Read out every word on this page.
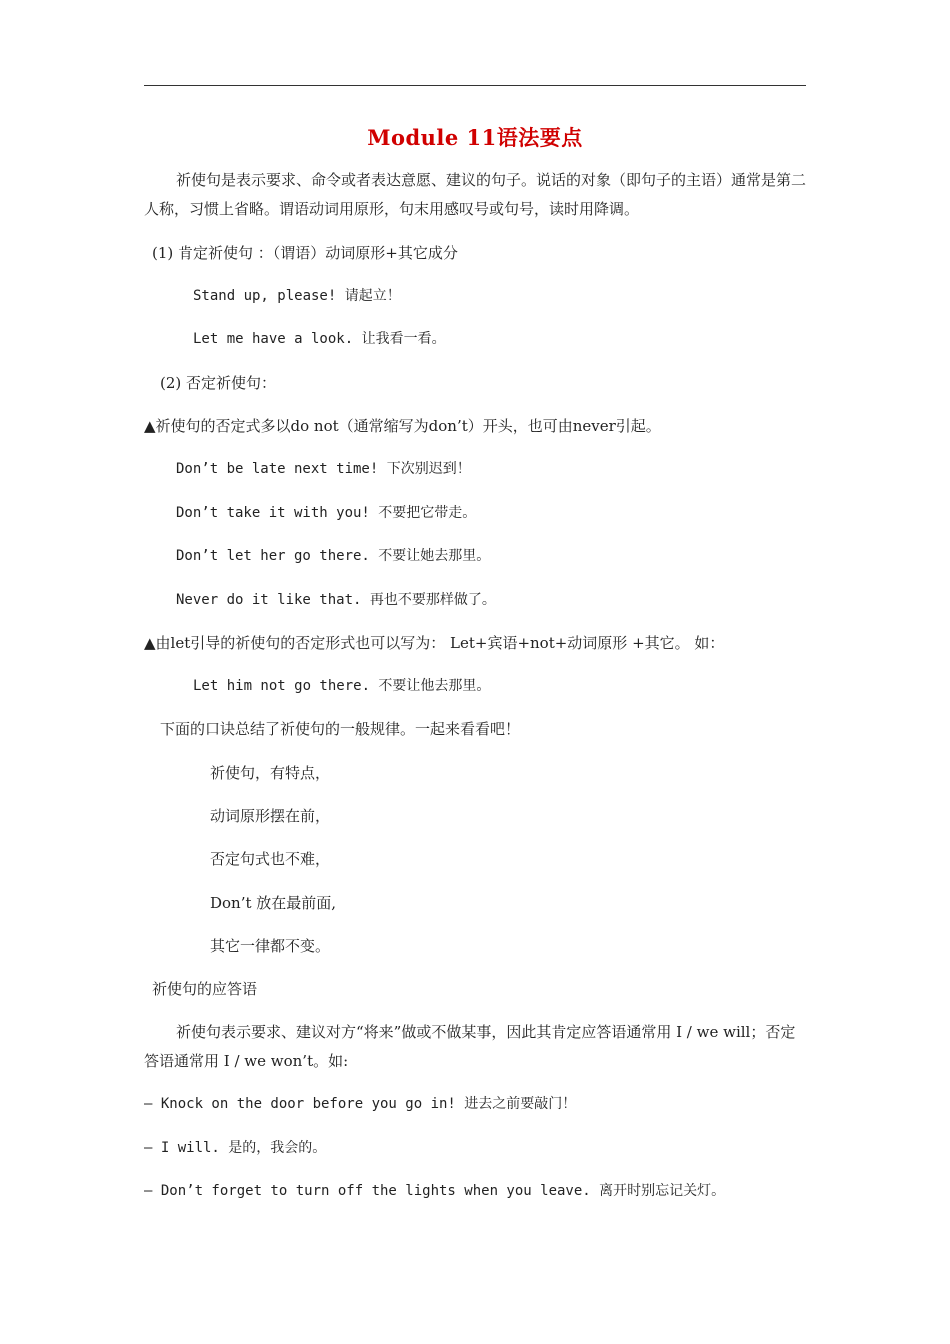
Module 11语法要点
祈使句是表示要求、命令或者表达意愿、建议的句子。说话的对象（即句子的主语）通常是第二人称，习惯上省略。谓语动词用原形，句末用感叹号或句号，读时用降调。
(1) 肯定祈使句 ：（谓语）动词原形+其它成分
Stand up, please! 请起立！
Let me have a look. 让我看一看。
(2) 否定祈使句：
▲祈使句的否定式多以do not（通常缩写为don’t）开头，也可由never引起。
Don’t be late next time! 下次别迟到！
Don’t take it with you! 不要把它带走。
Don’t let her go there. 不要让她去那里。
Never do it like that. 再也不要那样做了。
▲由let引导的祈使句的否定形式也可以写为： Let+宾语+not+动词原形 +其它。 如：
Let him not go there. 不要让他去那里。
下面的口诀总结了祈使句的一般规律。一起来看看吧！
祈使句，有特点，
动词原形摆在前，
否定句式也不难，
Don’t 放在最前面,
其它一律都不变。
祈使句的应答语
祈使句表示要求、建议对方“将来”做或不做某事，因此其肯定应答语通常用 I / we will；否定答语通常用 I / we won’t。如:
— Knock on the door before you go in! 进去之前要敲门！
— I will. 是的，我会的。
— Don’t forget to turn off the lights when you leave. 离开时别忘记关灯。
